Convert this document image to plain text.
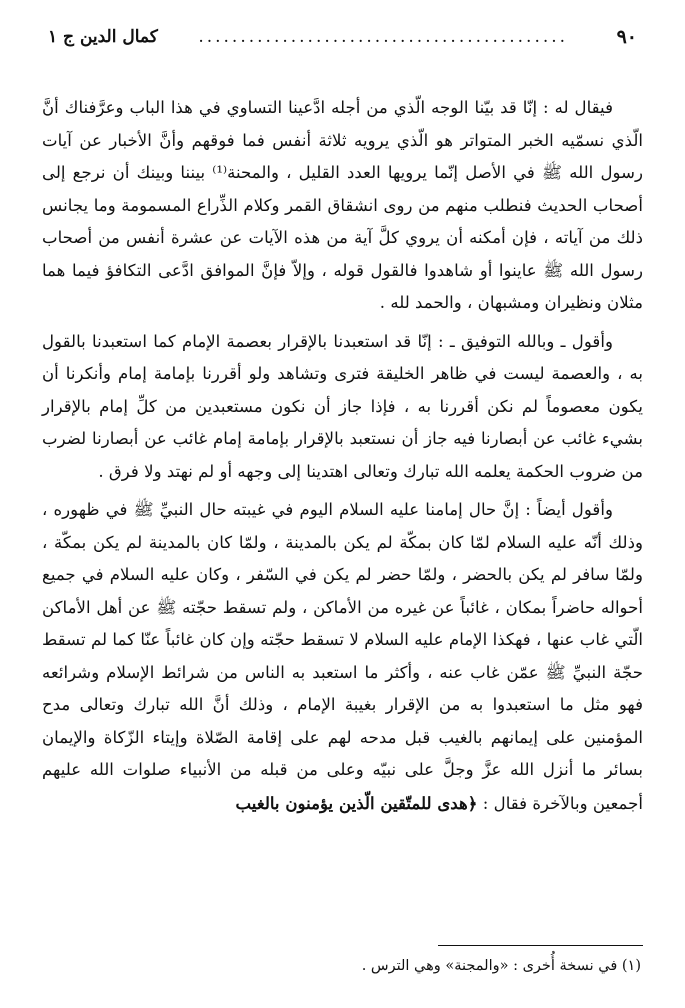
٩٠
............................................
كمال الدين ج ١

فيقال له : إنّا قد بيّنا الوجه الّذي من أجله ادَّعينا التساوي في هذا الباب وعرَّفناك أنَّ الّذي نسمّيه الخبر المتواتر هو الّذي يرويه ثلاثة أنفس فما فوقهم وأنَّ الأخبار عن آيات رسول الله ﷺ في الأصل إنّما يرويها العدد القليل ، والمحنة⁽¹⁾ بيننا وبينك أن نرجع إلى أصحاب الحديث فنطلب منهم من روى انشقاق القمر وكلام الذِّراع المسمومة وما يجانس ذلك من آياته ، فإن أمكنه أن يروي كلَّ آية من هذه الآيات عن عشرة أنفس من أصحاب رسول الله ﷺ عاينوا أو شاهدوا فالقول قوله ، وإلاّ فإنَّ الموافق ادَّعى التكافؤ فيما هما مثلان ونظيران ومشبهان ، والحمد لله .

وأقول ـ وبالله التوفيق ـ : إنّا قد استعبدنا بالإقرار بعصمة الإمام كما استعبدنا بالقول به ، والعصمة ليست في ظاهر الخليقة فترى وتشاهد ولو أقررنا بإمامة إمام وأنكرنا أن يكون معصوماً لم نكن أقررنا به ، فإذا جاز أن نكون مستعبدين من كلِّ إمام بالإقرار بشيء غائب عن أبصارنا فيه جاز أن نستعبد بالإقرار بإمامة إمام غائب عن أبصارنا لضرب من ضروب الحكمة يعلمه الله تبارك وتعالى اهتدينا إلى وجهه أو لم نهتد ولا فرق .

وأقول أيضاً : إنَّ حال إمامنا عليه السلام اليوم في غيبته حال النبيِّ ﷺ في ظهوره ، وذلك أنّه عليه السلام لمّا كان بمكّة لم يكن بالمدينة ، ولمّا كان بالمدينة لم يكن بمكّة ، ولمّا سافر لم يكن بالحضر ، ولمّا حضر لم يكن في السّفر ، وكان عليه السلام في جميع أحواله حاضراً بمكان ، غائباً عن غيره من الأماكن ، ولم تسقط حجّته ﷺ عن أهل الأماكن الّتي غاب عنها ، فهكذا الإمام عليه السلام لا تسقط حجّته وإن كان غائباً عنّا كما لم تسقط حجّة النبيِّ ﷺ عمّن غاب عنه ، وأكثر ما استعبد به الناس من شرائط الإسلام وشرائعه فهو مثل ما استعبدوا به من الإقرار بغيبة الإمام ، وذلك أنَّ الله تبارك وتعالى مدح المؤمنين على إيمانهم بالغيب قبل مدحه لهم على إقامة الصّلاة وإيتاء الزّكاة والإيمان بسائر ما أنزل الله عزَّ وجلَّ على نبيّه وعلى من قبله من الأنبياء صلوات الله عليهم أجمعين وبالآخرة فقال : ﴿هدى للمتّقين الّذين يؤمنون بالغيب

(١) في نسخة أُخرى : «والمجنة» وهي الترس .
